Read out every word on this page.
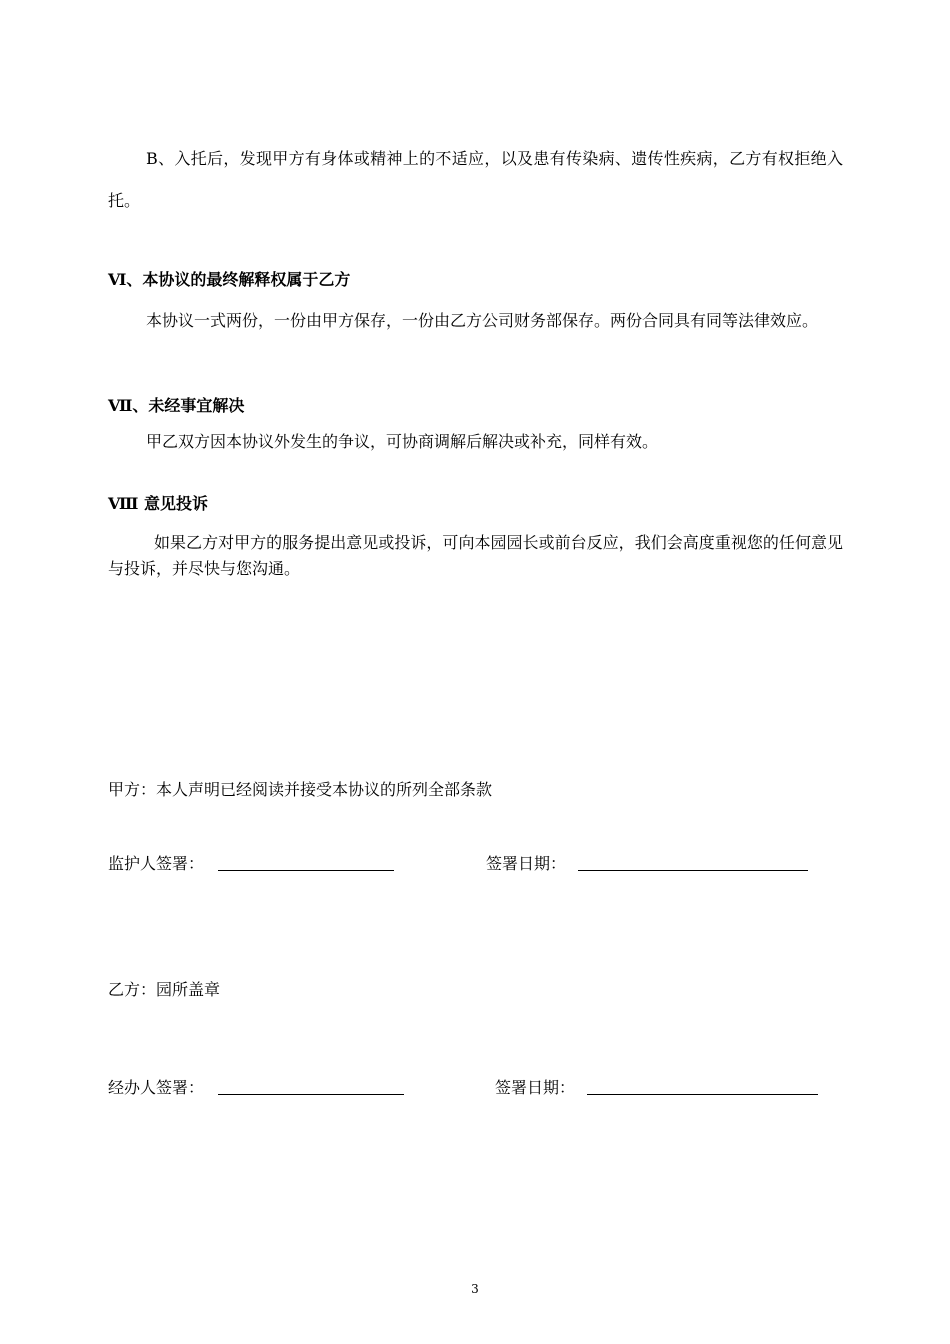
B、入托后，发现甲方有身体或精神上的不适应，以及患有传染病、遗传性疾病，乙方有权拒绝入托。

Ⅵ、本协议的最终解释权属于乙方

本协议一式两份，一份由甲方保存，一份由乙方公司财务部保存。两份合同具有同等法律效应。

Ⅶ、未经事宜解决

甲乙双方因本协议外发生的争议，可协商调解后解决或补充，同样有效。

Ⅷ 意见投诉

如果乙方对甲方的服务提出意见或投诉，可向本园园长或前台反应，我们会高度重视您的任何意见与投诉，并尽快与您沟通。

甲方：本人声明已经阅读并接受本协议的所列全部条款

监护人签署：	签署日期：

乙方：园所盖章

经办人签署：	签署日期：
3
